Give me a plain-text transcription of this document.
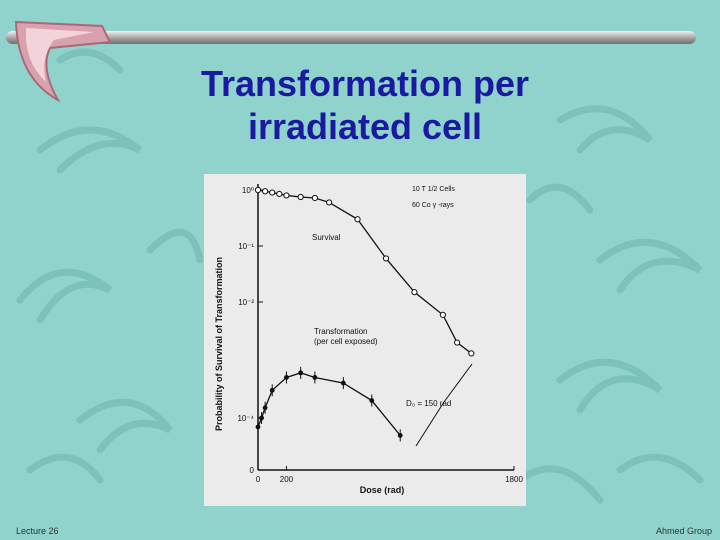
Transformation per
irradiated cell
10⁰
10⁻¹
10⁻²
10⁻⁴
0
0 200	1800
Probability of Survival of Transformation
Dose (rad)
10 T 1/2 Cells
60 Co γ -rays
Survival
Transformation
(per cell exposed)
D₀ = 150 rad
Lecture 26	Ahmed Group
